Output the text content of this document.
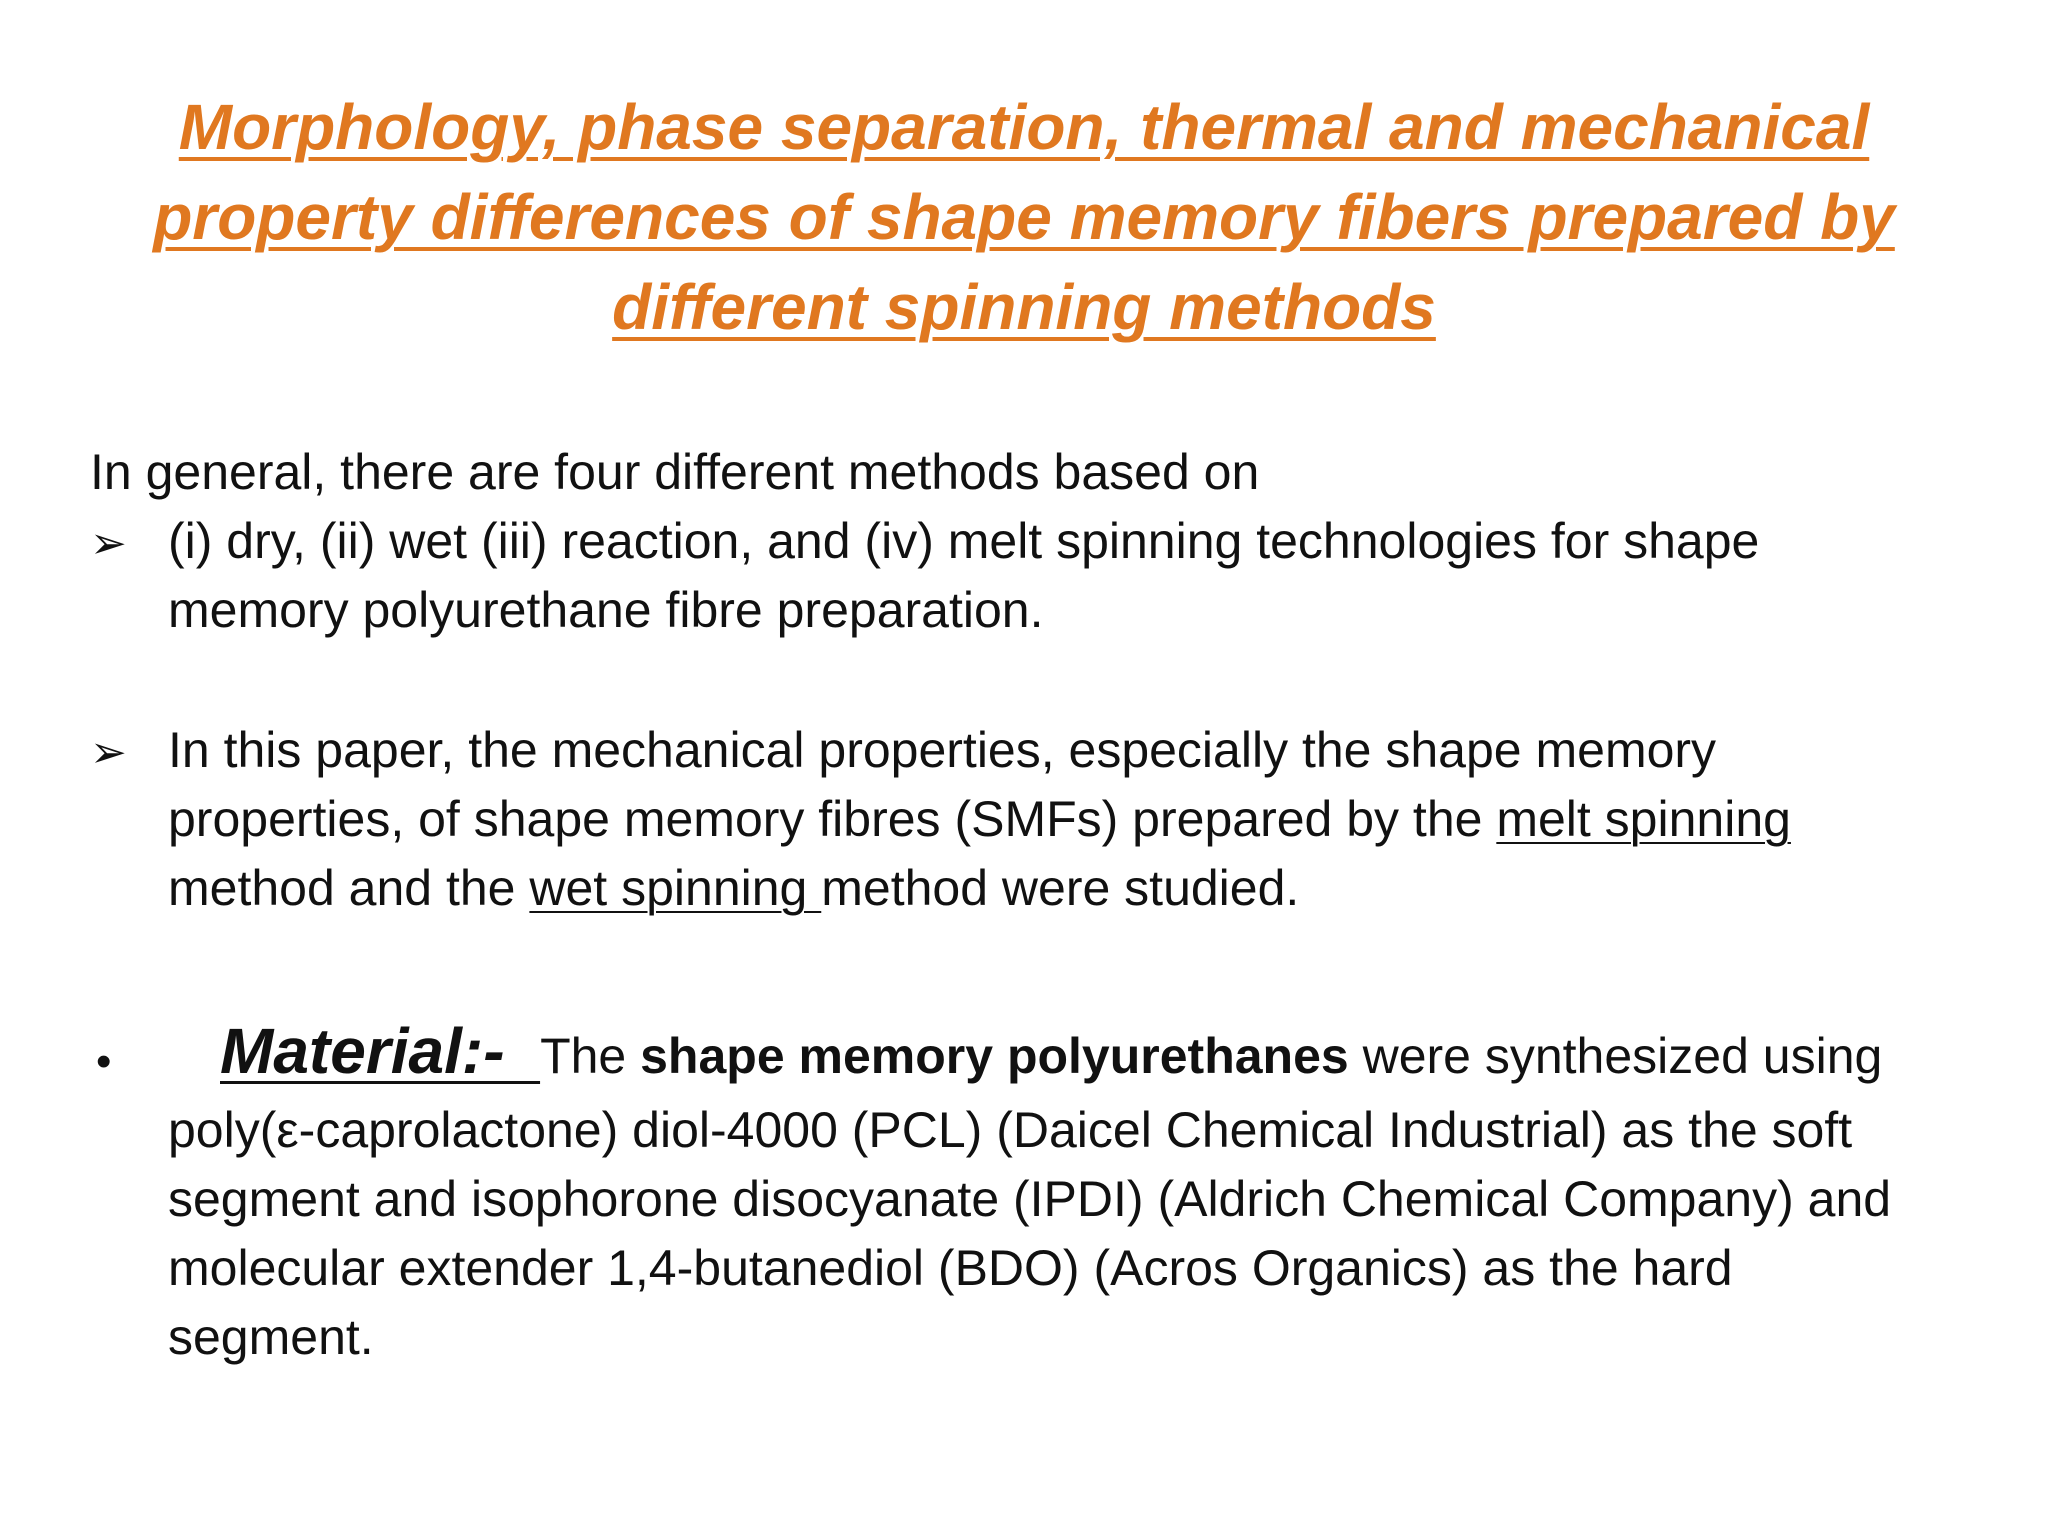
Morphology, phase separation, thermal and mechanical
property differences of shape memory fibers prepared by
different spinning methods
In general, there are four different methods based on
➢ (i) dry, (ii) wet (iii) reaction, and (iv) melt spinning technologies for shape
memory polyurethane fibre preparation.
➢ In this paper, the mechanical properties, especially the shape memory
properties, of shape memory fibres (SMFs) prepared by the melt spinning
method and the wet spinning method were studied.
•	Material:- The shape memory polyurethanes were synthesized using
poly(ε-caprolactone) diol-4000 (PCL) (Daicel Chemical Industrial) as the soft
segment and isophorone disocyanate (IPDI) (Aldrich Chemical Company) and
molecular extender 1,4-butanediol (BDO) (Acros Organics) as the hard
segment.
